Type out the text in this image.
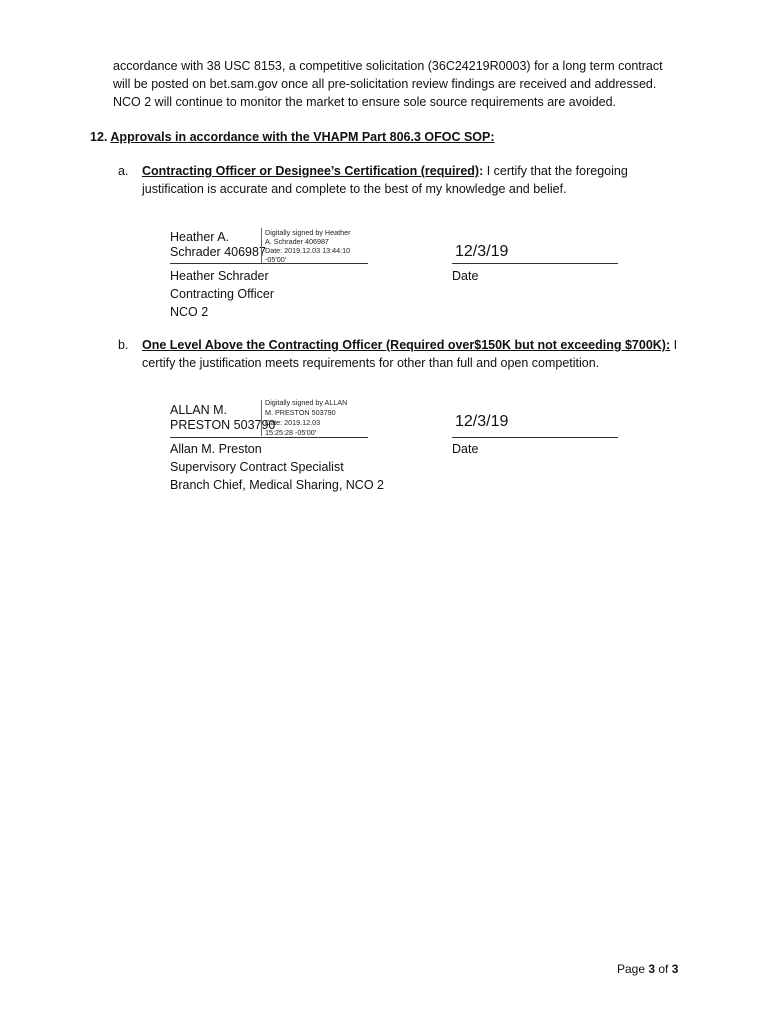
accordance with 38 USC 8153, a competitive solicitation (36C24219R0003) for a long term contract
will be posted on bet.sam.gov once all pre-solicitation review findings are received and addressed.
NCO 2 will continue to monitor the market to ensure sole source requirements are avoided.
12. Approvals in accordance with the VHAPM Part 806.3 OFOC SOP:
a. Contracting Officer or Designee’s Certification (required): I certify that the foregoing
justification is accurate and complete to the best of my knowledge and belief.
Heather A.
Schrader 406987
Digitally signed by Heather
A. Schrader 406987
Date: 2019.12.03 13:44:10
-05'00'	12/3/19
Date
Heather Schrader
Contracting Officer
NCO 2
b. One Level Above the Contracting Officer (Required over$150K but not exceeding $700K): I
certify the justification meets requirements for other than full and open competition.
ALLAN M.
PRESTON 503790
Digitally signed by ALLAN
M. PRESTON 503790
Date: 2019.12.03
15:25:28 -05'00'
12/3/19
Date
Allan M. Preston
Supervisory Contract Specialist
Branch Chief, Medical Sharing, NCO 2
Page 3 of 3
